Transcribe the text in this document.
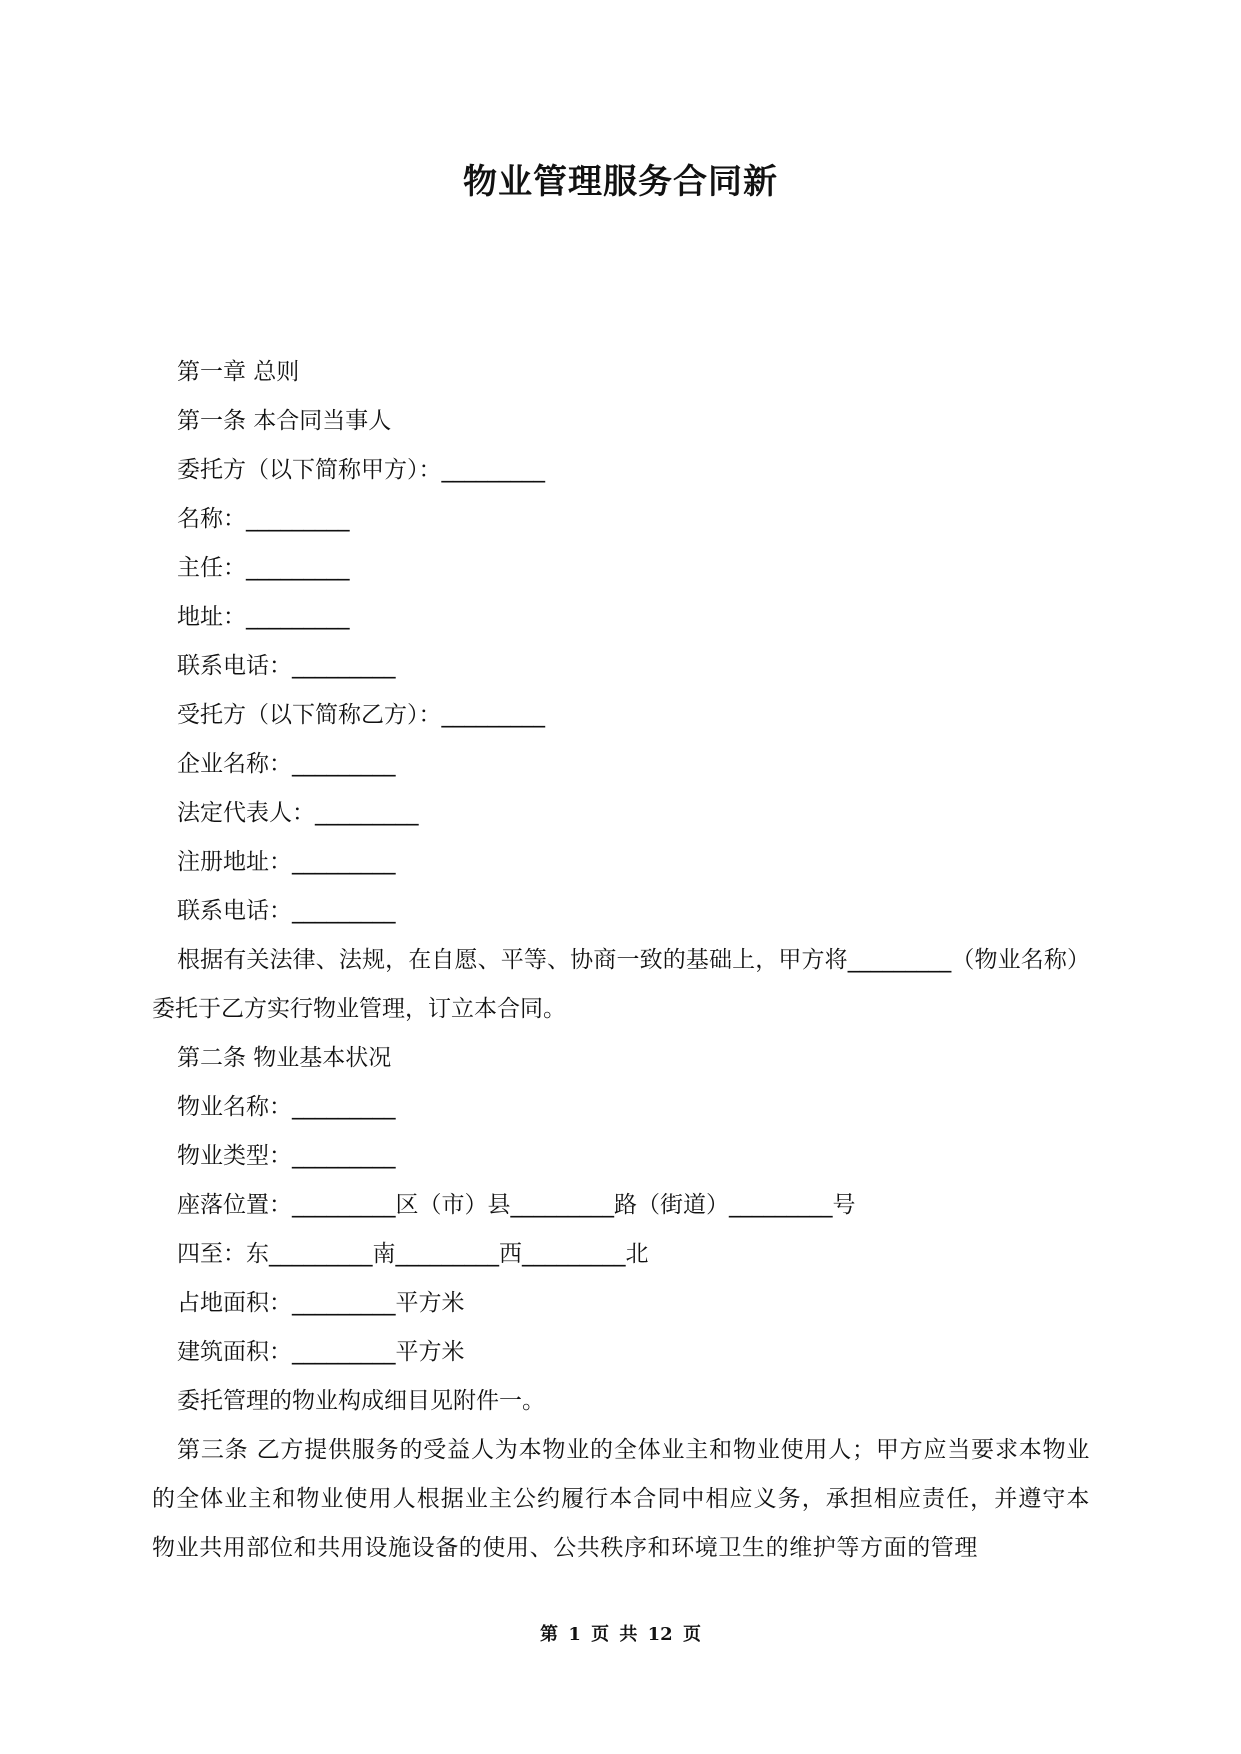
物业管理服务合同新
第一章 总则
第一条 本合同当事人
委托方（以下简称甲方）：_________
名称：_________
主任：_________
地址：_________
联系电话：_________
受托方（以下简称乙方）：_________
企业名称：_________
法定代表人：_________
注册地址：_________
联系电话：_________
根据有关法律、法规，在自愿、平等、协商一致的基础上，甲方将_________（物业名称）委托于乙方实行物业管理，订立本合同。
第二条 物业基本状况
物业名称：_________
物业类型：_________
座落位置：_________区（市）县_________路（街道）_________号
四至：东_________南_________西_________北
占地面积：_________平方米
建筑面积：_________平方米
委托管理的物业构成细目见附件一。
第三条 乙方提供服务的受益人为本物业的全体业主和物业使用人；甲方应当要求本物业的全体业主和物业使用人根据业主公约履行本合同中相应义务，承担相应责任，并遵守本物业共用部位和共用设施设备的使用、公共秩序和环境卫生的维护等方面的管理
第 1 页 共 12 页
